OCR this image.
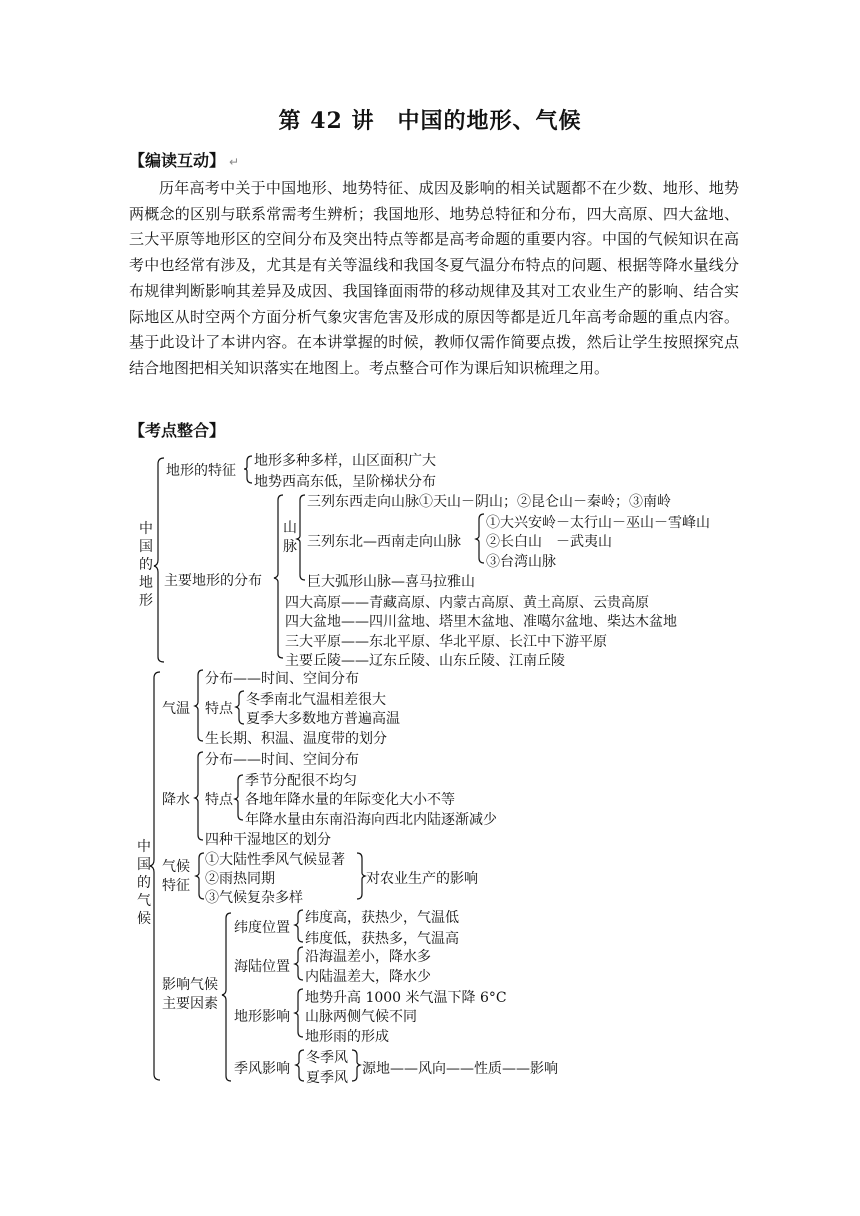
第 42 讲　中国的地形、气候
【编读互动】 ↵

历年高考中关于中国地形、地势特征、成因及影响的相关试题都不在少数、地形、地势两概念的区别与联系常需考生辨析；我国地形、地势总特征和分布，四大高原、四大盆地、三大平原等地形区的空间分布及突出特点等都是高考命题的重要内容。中国的气候知识在高考中也经常有涉及，尤其是有关等温线和我国冬夏气温分布特点的问题、根据等降水量线分布规律判断影响其差异及成因、我国锋面雨带的移动规律及其对工农业生产的影响、结合实际地区从时空两个方面分析气象灾害危害及形成的原因等都是近几年高考命题的重点内容。基于此设计了本讲内容。在本讲掌握的时候，教师仅需作简要点拨，然后让学生按照探究点结合地图把相关知识落实在地图上。考点整合可作为课后知识梳理之用。

【考点整合】
中国的地形
地形的特征
地形多种多样，山区面积广大
地势西高东低，呈阶梯状分布
主要地形的分布
山脉
三列东西走向山脉①天山－阴山；②昆仑山－秦岭；③南岭
三列东北—西南走向山脉
①大兴安岭－太行山－巫山－雪峰山
②长白山　－武夷山
③台湾山脉
巨大弧形山脉—喜马拉雅山
四大高原——青藏高原、内蒙古高原、黄土高原、云贵高原
四大盆地——四川盆地、塔里木盆地、准噶尔盆地、柴达木盆地
三大平原——东北平原、华北平原、长江中下游平原
主要丘陵——辽东丘陵、山东丘陵、江南丘陵
中国的气候
气温
分布——时间、空间分布
特点
冬季南北气温相差很大
夏季大多数地方普遍高温
生长期、积温、温度带的划分
降水
分布——时间、空间分布
特点
季节分配很不均匀
各地年降水量的年际变化大小不等
年降水量由东南沿海向西北内陆逐渐减少
四种干湿地区的划分
气候特征
①大陆性季风气候显著
②雨热同期
③气候复杂多样
对农业生产的影响
影响气候主要因素
纬度位置
纬度高，获热少，气温低
纬度低，获热多，气温高
海陆位置
沿海温差小，降水多
内陆温差大，降水少
地形影响
地势升高 1000 米气温下降 6°C
山脉两侧气候不同
地形雨的形成
季风影响
冬季风
夏季风
源地——风向——性质——影响
